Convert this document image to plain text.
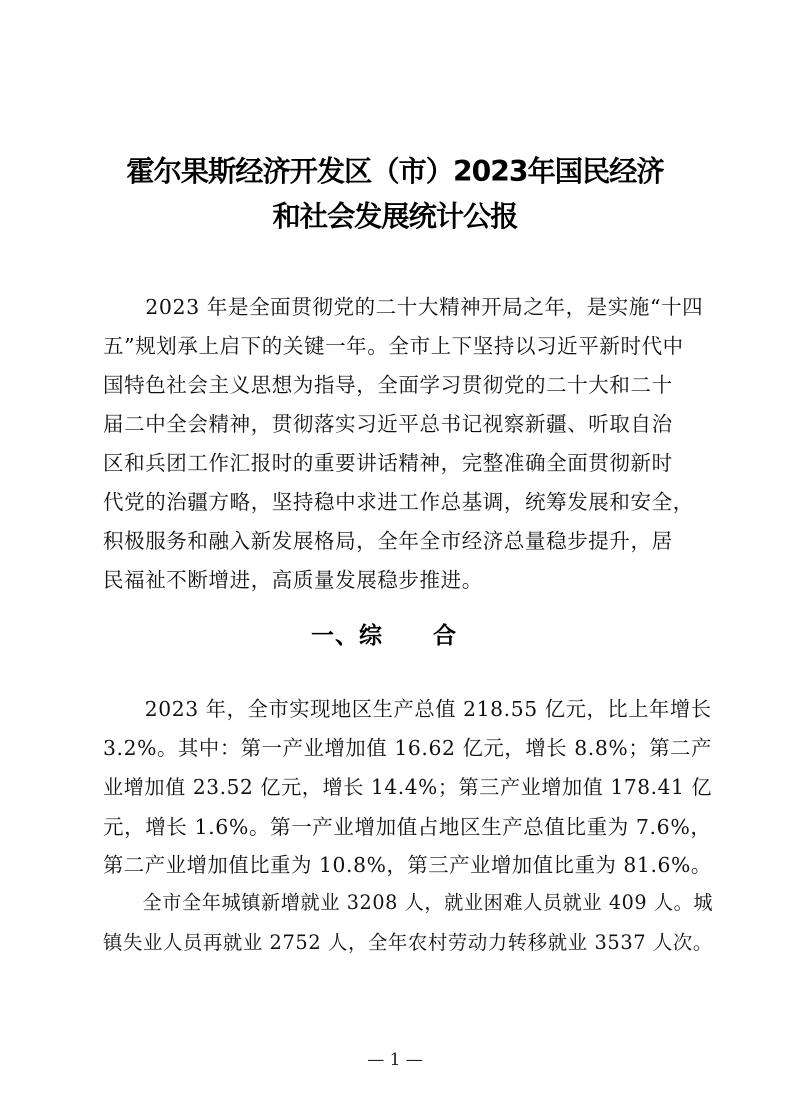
霍尔果斯经济开发区（市）2023年国民经济
和社会发展统计公报
　　2023 年是全面贯彻党的二十大精神开局之年，是实施“十四
五”规划承上启下的关键一年。全市上下坚持以习近平新时代中
国特色社会主义思想为指导，全面学习贯彻党的二十大和二十
届二中全会精神，贯彻落实习近平总书记视察新疆、听取自治
区和兵团工作汇报时的重要讲话精神，完整准确全面贯彻新时
代党的治疆方略，坚持稳中求进工作总基调，统筹发展和安全，
积极服务和融入新发展格局，全年全市经济总量稳步提升，居
民福祉不断增进，高质量发展稳步推进。
一、综 合
　　2023 年，全市实现地区生产总值 218.55 亿元，比上年增长
3.2%。其中：第一产业增加值 16.62 亿元，增长 8.8%；第二产
业增加值 23.52 亿元，增长 14.4%；第三产业增加值 178.41 亿
元，增长 1.6%。第一产业增加值占地区生产总值比重为 7.6%，
第二产业增加值比重为 10.8%，第三产业增加值比重为 81.6%。
　　全市全年城镇新增就业 3208 人，就业困难人员就业 409 人。城
镇失业人员再就业 2752 人，全年农村劳动力转移就业 3537 人次。
— 1 —
